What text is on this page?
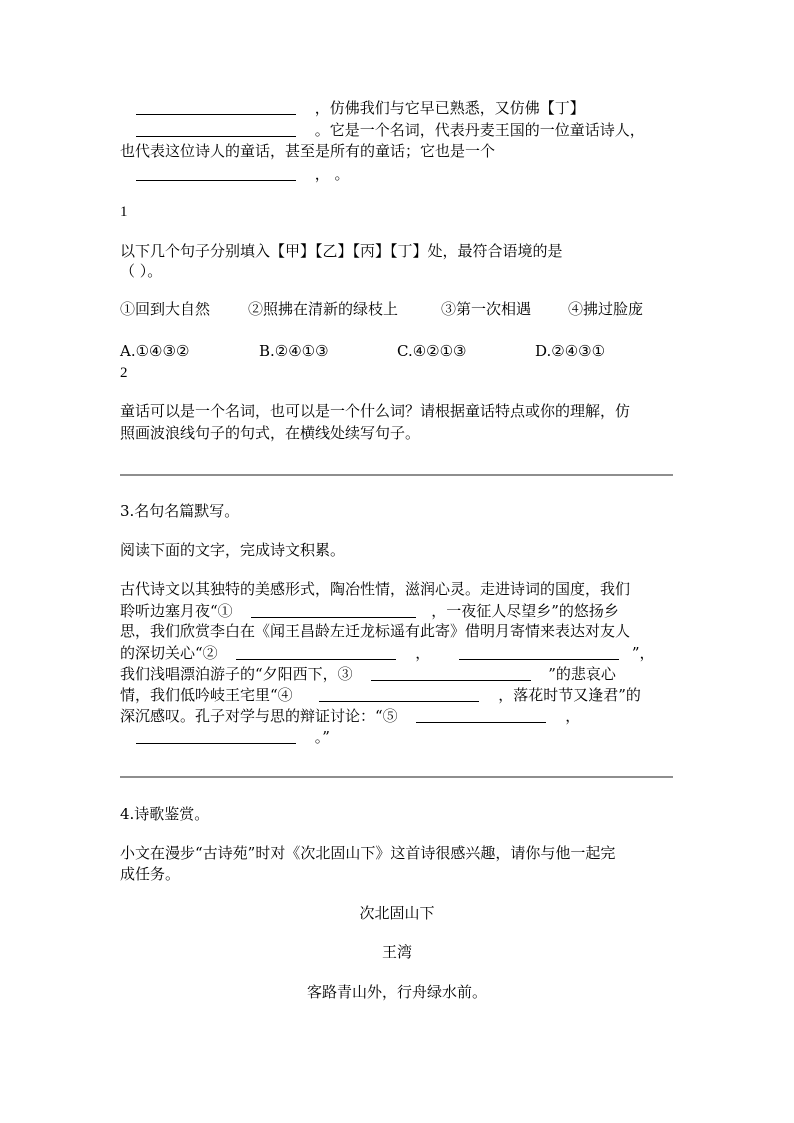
，仿佛我们与它早已熟悉，又仿佛【丁】
。它是一个名词，代表丹麦王国的一位童话诗人，
也代表这位诗人的童话，甚至是所有的童话；它也是一个
， 。
1
以下几个句子分别填入【甲】【乙】【丙】【丁】处，最符合语境的是
（ ）。
①回到大自然	②照拂在清新的绿枝上	③第一次相遇 ④拂过脸庞
A.①④③②	B.②④①③	C.④②①③	D.②④③①
2
童话可以是一个名词，也可以是一个什么词？请根据童话特点或你的理解，仿
照画波浪线句子的句式，在横线处续写句子。
3.名句名篇默写。
阅读下面的文字，完成诗文积累。
古代诗文以其独特的美感形式，陶冶性情，滋润心灵。走进诗词的国度，我们
聆听边塞月夜“①	，一夜征人尽望乡”的悠扬乡
思，我们欣赏李白在《闻王昌龄左迁龙标遥有此寄》借明月寄情来表达对友人
的深切关心“②	，	”，
我们浅唱漂泊游子的“夕阳西下，③	”的悲哀心
情，我们低吟岐王宅里“④	，落花时节又逢君”的
深沉感叹。孔子对学与思的辩证讨论：“⑤	，
。”
4.诗歌鉴赏。
小文在漫步“古诗苑”时对《次北固山下》这首诗很感兴趣，请你与他一起完
成任务。
次北固山下
王湾
客路青山外，行舟绿水前。
